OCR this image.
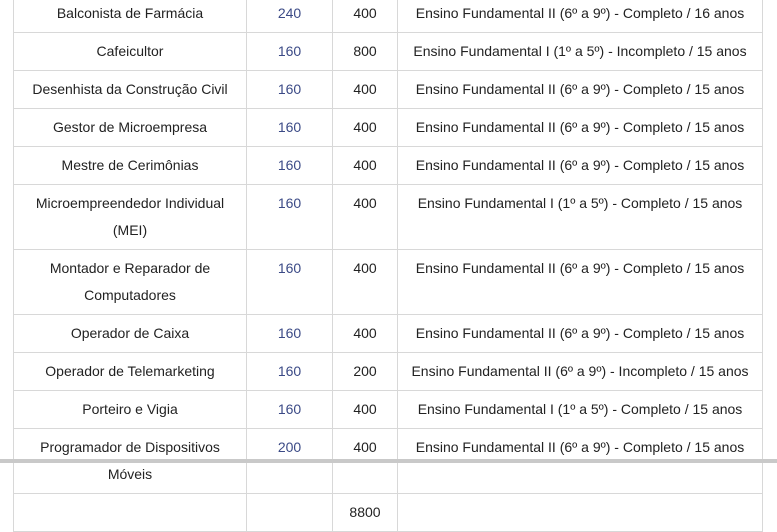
Balconista de Farmácia	240	400	Ensino Fundamental II (6º a 9º) - Completo / 16 anos
Cafeicultor	160	800	Ensino Fundamental I (1º a 5º) - Incompleto / 15 anos
Desenhista da Construção Civil	160	400	Ensino Fundamental II (6º a 9º) - Completo / 15 anos
Gestor de Microempresa	160	400	Ensino Fundamental II (6º a 9º) - Completo / 15 anos
Mestre de Cerimônias	160	400	Ensino Fundamental II (6º a 9º) - Completo / 15 anos
Microempreendedor Individual (MEI)	160	400	Ensino Fundamental I (1º a 5º) - Completo / 15 anos
Montador e Reparador de Computadores	160	400	Ensino Fundamental II (6º a 9º) - Completo / 15 anos
Operador de Caixa	160	400	Ensino Fundamental II (6º a 9º) - Completo / 15 anos
Operador de Telemarketing	160	200	Ensino Fundamental II (6º a 9º) - Incompleto / 15 anos
Porteiro e Vigia	160	400	Ensino Fundamental I (1º a 5º) - Completo / 15 anos
Programador de Dispositivos Móveis	200	400	Ensino Fundamental II (6º a 9º) - Completo / 15 anos
		8800	
